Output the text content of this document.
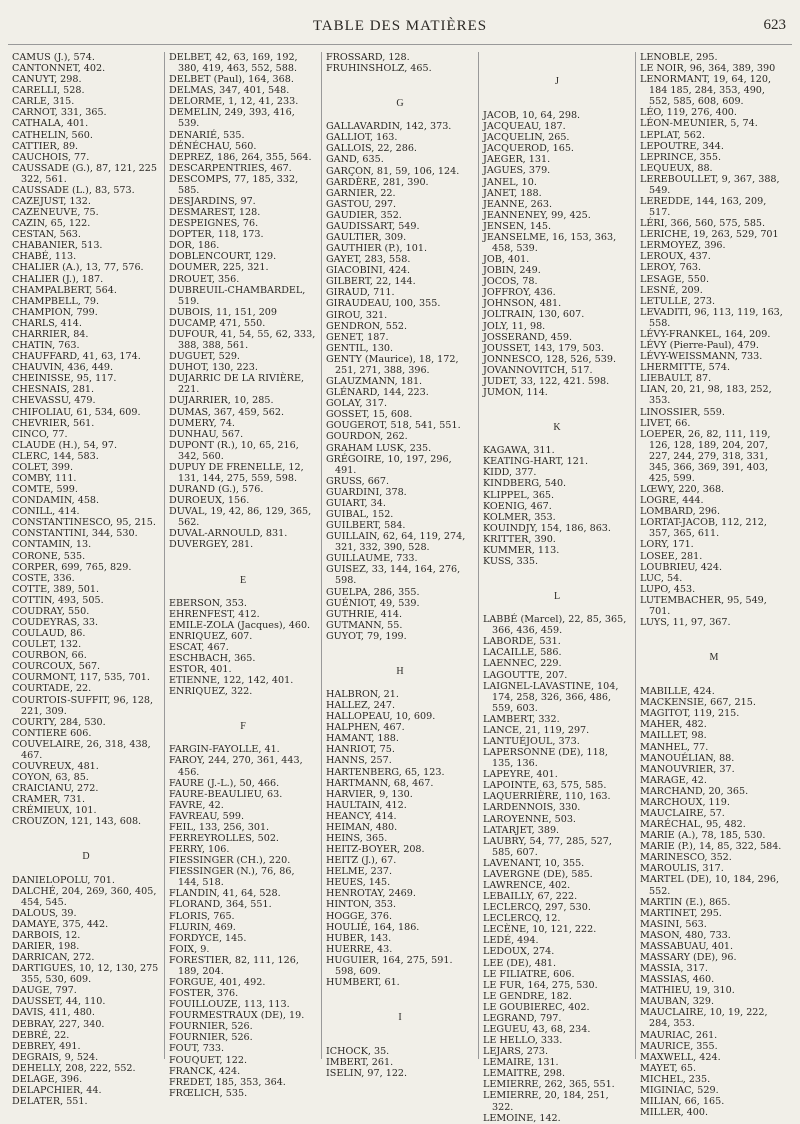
TABLE DES MATIÈRES	623
CAMUS (J.), 574.
CANTONNET, 402.
CANUYT, 298.
CARELLI, 528.
CARLE, 315.
CARNOT, 331, 365.
CATHALA, 401.
CATHELIN, 560.
CATTIER, 89.
CAUCHOIS, 77.
CAUSSADE (G.), 87, 121, 225 322, 561.
CAUSSADE (L.), 83, 573.
CAZEJUST, 132.
CAZENEUVE, 75.
CAZIN, 65, 122.
CESTAN, 563.
CHABANIER, 513.
CHABÉ, 113.
CHALIER (A.), 13, 77, 576.
CHALIER (J.), 187.
CHAMPALBERT, 564.
CHAMPBELL, 79.
CHAMPION, 799.
CHARLS, 414.
CHARRIER, 84.
CHATIN, 763.
CHAUFFARD, 41, 63, 174.
CHAUVIN, 436, 449.
CHEINISSE, 95, 117.
CHESNAIS, 281.
CHEVASSU, 479.
CHIFOLIAU, 61, 534, 609.
CHEVRIER, 561.
CINCO, 77.
CLAUDE (H.), 54, 97.
CLERC, 144, 583.
COLET, 399.
COMBY, 111.
COMTE, 599.
CONDAMIN, 458.
CONILL, 414.
CONSTANTINESCO, 95, 215.
CONSTANTINI, 344, 530.
CONTAMIN, 13.
CORONE, 535.
CORPER, 699, 765, 829.
COSTE, 336.
COTTE, 389, 501.
COTTIN, 493, 505.
COUDRAY, 550.
COUDEYRAS, 33.
COULAUD, 86.
COULET, 132.
COURBON, 66.
COURCOUX, 567.
COURMONT, 117, 535, 701.
COURTADE, 22.
COURTOIS-SUFFIT, 96, 128, 221, 309.
COURTY, 284, 530.
CONTIERE 606.
COUVELAIRE, 26, 318, 438, 467.
COUVREUX, 481.
COYON, 63, 85.
CRAICIANU, 272.
CRAMER, 731.
CRÉMIEUX, 101.
CROUZON, 121, 143, 608.
D
DANIELOPOLU, 701.
DALCHÉ, 204, 269, 360, 405, 454, 545.
DALOUS, 39.
DAMAYE, 375, 442.
DARBOIS, 12.
DARIER, 198.
DARRICAN, 272.
DARTIGUES, 10, 12, 130, 275 355, 530, 609.
DAUGE, 797.
DAUSSET, 44, 110.
DAVIS, 411, 480.
DEBRAY, 227, 340.
DEBRÉ, 22.
DEBREY, 491.
DEGRAIS, 9, 524.
DEHELLY, 208, 222, 552.
DELAGE, 396.
DELAPCHIER, 44.
DELATER, 551.
DELBET, 42, 63, 169, 192, 380, 419, 463, 552, 588.
DELBET (Paul), 164, 368.
DELMAS, 347, 401, 548.
DELORME, 1, 12, 41, 233.
DEMELIN, 249, 393, 416, 539.
DENARIÉ, 535.
DÉNÉCHAU, 560.
DEPREZ, 186, 264, 355, 564.
DESCARPENTRIES, 467.
DESCOMPS, 77, 185, 332, 585.
DESJARDINS, 97.
DESMAREST, 128.
DESPEIGNES, 76.
DOPTER, 118, 173.
DOR, 186.
DOBLENCOURT, 129.
DOUMER, 225, 321.
DROUET, 356.
DUBREUIL-CHAMBARDEL, 519.
DUBOIS, 11, 151, 209
DUCAMP, 471, 550.
DUFOUR, 41, 54, 55, 62, 333, 388, 388, 561.
DUGUET, 529.
DUHOT, 130, 223.
DUJARRIC DE LA RIVIÈRE, 221.
DUJARRIER, 10, 285.
DUMAS, 367, 459, 562.
DUMERY, 74.
DUNHAU, 567.
DUPONT (R.), 10, 65, 216, 342, 560.
DUPUY DE FRENELLE, 12, 131, 144, 275, 559, 598.
DURAND (G.), 576.
DUROEUX, 156.
DUVAL, 19, 42, 86, 129, 365, 562.
DUVAL-ARNOULD, 831.
DUVERGEY, 281.
E
EBERSON, 353.
EHRENFEST, 412.
EMILE-ZOLA (Jacques), 460.
ENRIQUEZ, 607.
ESCAT, 467.
ESCHBACH, 365.
ESTOR, 401.
ETIENNE, 122, 142, 401.
ENRIQUEZ, 322.
F
FARGIN-FAYOLLE, 41.
FAROY, 244, 270, 361, 443, 456.
FAURE (J.-L.), 50, 466.
FAURE-BEAULIEU, 63.
FAVRE, 42.
FAVREAU, 599.
FEIL, 133, 256, 301.
FERREYROLLES, 502.
FERRY, 106.
FIESSINGER (CH.), 220.
FIESSINGER (N.), 76, 86, 144, 518.
FLANDIN, 41, 64, 528.
FLORAND, 364, 551.
FLORIS, 765.
FLURIN, 469.
FORDYCE, 145.
FOIX, 9.
FORESTIER, 82, 111, 126, 189, 204.
FORGUE, 401, 492.
FOSTER, 376.
FOUILLOUZE, 113, 113.
FOURMESTRAUX (DE), 19.
FOURNIER, 526.
FOURNIER, 526.
FOUT, 733.
FOUQUET, 122.
FRANCK, 424.
FREDET, 185, 353, 364.
FRŒLICH, 535.
FROSSARD, 128.
FRUHINSHOLZ, 465.
G
GALLAVARDIN, 142, 373.
GALLIOT, 163.
GALLOIS, 22, 286.
GAND, 635.
GARÇON, 81, 59, 106, 124.
GARDÈRE, 281, 390.
GARNIER, 22.
GASTOU, 297.
GAUDIER, 352.
GAUDISSART, 549.
GAULTIER, 309.
GAUTHIER (P.), 101.
GAYET, 283, 558.
GIACOBINI, 424.
GILBERT, 22, 144.
GIRAUD, 711.
GIRAUDEAU, 100, 355.
GIROU, 321.
GENDRON, 552.
GENET, 187.
GENTIL, 130.
GENTY (Maurice), 18, 172, 251, 271, 388, 396.
GLAUZMANN, 181.
GLÉNARD, 144, 223.
GOLAY, 317.
GOSSET, 15, 608.
GOUGEROT, 518, 541, 551.
GOURDON, 262.
GRAHAM LUSK, 235.
GRÉGOIRE, 10, 197, 296, 491.
GRUSS, 667.
GUARDINI, 378.
GUIART, 34.
GUIBAL, 152.
GUILBERT, 584.
GUILLAIN, 62, 64, 119, 274, 321, 332, 390, 528.
GUILLAUME, 733.
GUISEZ, 33, 144, 164, 276, 598.
GUELPA, 286, 355.
GUÉNIOT, 49, 539.
GUTHRIE, 414.
GUTMANN, 55.
GUYOT, 79, 199.
H
HALBRON, 21.
HALLEZ, 247.
HALLOPEAU, 10, 609.
HALPHEN, 467.
HAMANT, 188.
HANRIOT, 75.
HANNS, 257.
HARTENBERG, 65, 123.
HARTMANN, 68, 467.
HARVIER, 9, 130.
HAULTAIN, 412.
HEANCY, 414.
HEIMAN, 480.
HEINS, 365.
HEITZ-BOYER, 208.
HEITZ (J.), 67.
HELME, 237.
HEUES, 145.
HENROTAY, 2469.
HINTON, 353.
HOGGE, 376.
HOULIÉ, 164, 186.
HUBER, 143.
HUERRE, 43.
HUGUIER, 164, 275, 591. 598, 609.
HUMBERT, 61.
I
ICHOCK, 35.
IMBERT, 261.
ISELIN, 97, 122.
J
JACOB, 10, 64, 298.
JACQUEAU, 187.
JACQUELIN, 265.
JACQUEROD, 165.
JAEGER, 131.
JAGUES, 379.
JANEL, 10.
JANET, 188.
JEANNE, 263.
JEANNENEY, 99, 425.
JENSEN, 145.
JEANSELME, 16, 153, 363, 458, 539.
JOB, 401.
JOBIN, 249.
JOCOS, 78.
JOFFROY, 436.
JOHNSON, 481.
JOLTRAIN, 130, 607.
JOLY, 11, 98.
JOSSERAND, 459.
JOUSSET, 143, 179, 503.
JONNESCO, 128, 526, 539.
JOVANNOVITCH, 517.
JUDET, 33, 122, 421. 598.
JUMON, 114.
K
KAGAWA, 311.
KEATING-HART, 121.
KIDD, 377.
KINDBERG, 540.
KLIPPEL, 365.
KOENIG, 467.
KOLMER, 353.
KOUINDJY, 154, 186, 863.
KRITTER, 390.
KUMMER, 113.
KUSS, 335.
L
LABBÉ (Marcel), 22, 85, 365, 366, 436, 459.
LABORDE, 531.
LACAILLE, 586.
LAENNEC, 229.
LAGOUTTE, 207.
LAIGNEL-LAVASTINE, 104, 174, 258, 326, 366, 486, 559, 603.
LAMBERT, 332.
LANCE, 21, 119, 297.
LANTUÉJOUL, 373.
LAPERSONNE (DE), 118, 135, 136.
LAPEYRE, 401.
LAPOINTE, 63, 575, 585.
LAQUERRIÈRE, 110, 163.
LARDENNOIS, 330.
LAROYENNE, 503.
LATARJET, 389.
LAUBRY, 54, 77, 285, 527, 585, 607.
LAVENANT, 10, 355.
LAVERGNE (DE), 585.
LAWRENCE, 402.
LEBAILLY, 67, 222.
LECLERCQ, 297, 530.
LECLERCQ, 12.
LECÈNE, 10, 121, 222.
LEDÉ, 494.
LEDOUX, 274.
LEE (DE), 481.
LE FILIATRE, 606.
LE FUR, 164, 275, 530.
LE GENDRE, 182.
LE GOUBIEREC, 402.
LEGRAND, 797.
LEGUEU, 43, 68, 234.
LE HELLO, 333.
LEJARS, 273.
LEMAIRE, 131.
LEMAITRE, 298.
LEMIERRE, 262, 365, 551.
LEMIERRE, 20, 184, 251, 322.
LEMOINE, 142.
LENOBLE, 295.
LE NOIR, 96, 364, 389, 390
LENORMANT, 19, 64, 120, 184 185, 284, 353, 490, 552, 585, 608, 609.
LÉO, 119, 276, 400.
LÉON-MEUNIER, 5, 74.
LEPLAT, 562.
LEPOUTRE, 344.
LEPRINCE, 355.
LEQUEUX, 88.
LEREBOULLET, 9, 367, 388, 549.
LEREDDE, 144, 163, 209, 517.
LÉRI, 366, 560, 575, 585.
LERICHE, 19, 263, 529, 701
LERMOYEZ, 396.
LEROUX, 437.
LEROY, 763.
LESAGE, 550.
LESNÉ, 209.
LETULLE, 273.
LEVADITI, 96, 113, 119, 163, 558.
LÉVY-FRANKEL, 164, 209.
LÉVY (Pierre-Paul), 479.
LÉVY-WEISSMANN, 733.
LHERMITTE, 574.
LIEBAULT, 87.
LIAN, 20, 21, 98, 183, 252, 353.
LINOSSIER, 559.
LIVET, 66.
LOEPER, 26, 82, 111, 119, 126, 128, 189, 204, 207, 227, 244, 279, 318, 331, 345, 366, 369, 391, 403, 425, 599.
LŒWY, 220, 368.
LOGRE, 444.
LOMBARD, 296.
LORTAT-JACOB, 112, 212, 357, 365, 611.
LORY, 171.
LOSEE, 281.
LOUBRIEU, 424.
LUC, 54.
LUPO, 453.
LUTEMBACHER, 95, 549, 701.
LUYS, 11, 97, 367.
M
MABILLE, 424.
MACKENSIE, 667, 215.
MAGITOT, 119, 215.
MAHER, 482.
MAILLET, 98.
MANHEL, 77.
MANOUÉLIAN, 88.
MANOUVRIER, 37.
MARAGE, 42.
MARCHAND, 20, 365.
MARCHOUX, 119.
MAUCLAIRE, 57.
MARÉCHAL, 95, 482.
MARIE (A.), 78, 185, 530.
MARIE (P.), 14, 85, 322, 584.
MARINESCO, 352.
MAROULIS, 317.
MARTEL (DE), 10, 184, 296, 552.
MARTIN (E.), 865.
MARTINET, 295.
MASINI, 563.
MASON, 480, 733.
MASSABUAU, 401.
MASSARY (DE), 96.
MASSIA, 317.
MASSIAS, 460.
MATHIEU, 19, 310.
MAUBAN, 329.
MAUCLAIRE, 10, 19, 222, 284, 353.
MAURIAC, 261.
MAURICE, 355.
MAXWELL, 424.
MAYET, 65.
MICHEL, 235.
MIGINIAC, 529.
MILIAN, 66, 165.
MILLER, 400.
